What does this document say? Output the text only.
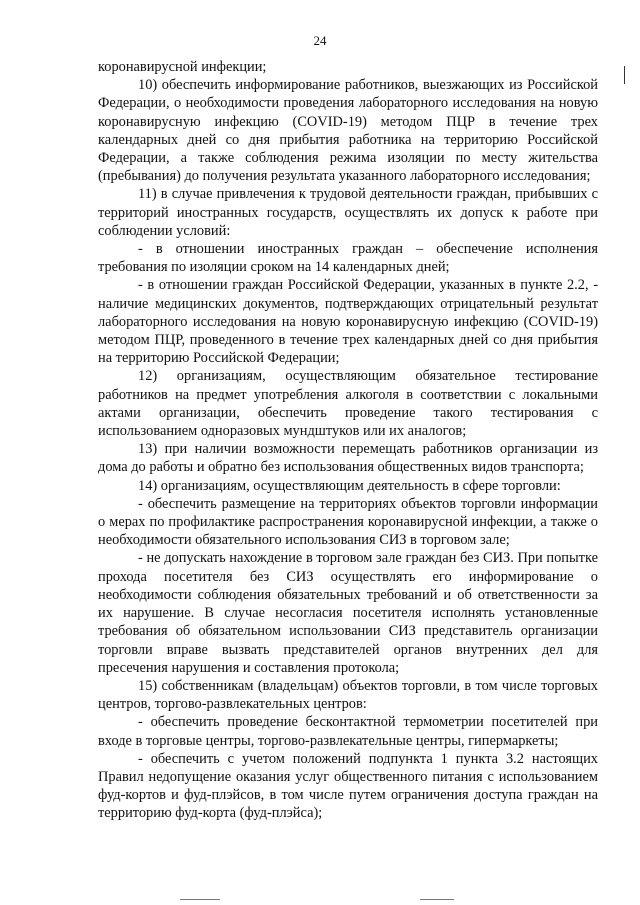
24

коронавирусной инфекции;

10) обеспечить информирование работников, выезжающих из Российской Федерации, о необходимости проведения лабораторного исследования на новую коронавирусную инфекцию (COVID-19) методом ПЦР в течение трех календарных дней со дня прибытия работника на территорию Российской Федерации, а также соблюдения режима изоляции по месту жительства (пребывания) до получения результата указанного лабораторного исследования;

11) в случае привлечения к трудовой деятельности граждан, прибывших с территорий иностранных государств, осуществлять их допуск к работе при соблюдении условий:

- в отношении иностранных граждан – обеспечение исполнения требования по изоляции сроком на 14 календарных дней;

- в отношении граждан Российской Федерации, указанных в пункте 2.2, - наличие медицинских документов, подтверждающих отрицательный результат лабораторного исследования на новую коронавирусную инфекцию (COVID-19) методом ПЦР, проведенного в течение трех календарных дней со дня прибытия на территорию Российской Федерации;

12) организациям, осуществляющим обязательное тестирование работников на предмет употребления алкоголя в соответствии с локальными актами организации, обеспечить проведение такого тестирования с использованием одноразовых мундштуков или их аналогов;

13) при наличии возможности перемещать работников организации из дома до работы и обратно без использования общественных видов транспорта;

14) организациям, осуществляющим деятельность в сфере торговли:

- обеспечить размещение на территориях объектов торговли информации о мерах по профилактике распространения коронавирусной инфекции, а также о необходимости обязательного использования СИЗ в торговом зале;

- не допускать нахождение в торговом зале граждан без СИЗ. При попытке прохода посетителя без СИЗ осуществлять его информирование о необходимости соблюдения обязательных требований и об ответственности за их нарушение. В случае несогласия посетителя исполнять установленные требования об обязательном использовании СИЗ представитель организации торговли вправе вызвать представителей органов внутренних дел для пресечения нарушения и составления протокола;

15) собственникам (владельцам) объектов торговли, в том числе торговых центров, торгово-развлекательных центров:

- обеспечить проведение бесконтактной термометрии посетителей при входе в торговые центры, торгово-развлекательные центры, гипермаркеты;

- обеспечить с учетом положений подпункта 1 пункта 3.2 настоящих Правил недопущение оказания услуг общественного питания с использованием фуд-кортов и фуд-плэйсов, в том числе путем ограничения доступа граждан на территорию фуд-корта (фуд-плэйса);
